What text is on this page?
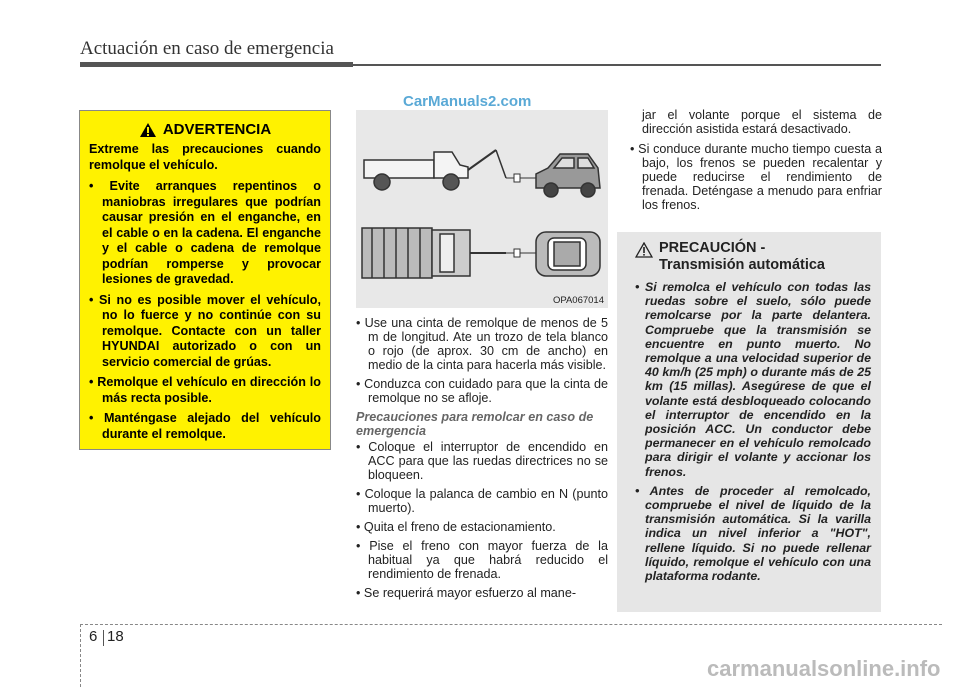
Actuación en caso de emergencia
CarManuals2.com
ADVERTENCIA

Extreme las precauciones cuando remolque el vehículo.

• Evite arranques repentinos o maniobras irregulares que podrían causar presión en el enganche, en el cable o en la cadena. El enganche y el cable o cadena de remolque podrían romperse y provocar lesiones de gravedad.
• Si no es posible mover el vehículo, no lo fuerce y no continúe con su remolque. Contacte con un taller HYUNDAI autorizado o con un servicio comercial de grúas.
• Remolque el vehículo en dirección lo más recta posible.
• Manténgase alejado del vehículo durante el remolque.
OPA067014
• Use una cinta de remolque de menos de 5 m de longitud. Ate un trozo de tela blanco o rojo (de aprox. 30 cm de ancho) en medio de la cinta para hacerla más visible.
• Conduzca con cuidado para que la cinta de remolque no se afloje.
Precauciones para remolcar en caso de emergencia
• Coloque el interruptor de encendido en ACC para que las ruedas directrices no se bloqueen.
• Coloque la palanca de cambio en N (punto muerto).
• Quita el freno de estacionamiento.
• Pise el freno con mayor fuerza de la habitual ya que habrá reducido el rendimiento de frenada.
• Se requerirá mayor esfuerzo al mane-

jar el volante porque el sistema de dirección asistida estará desactivado.

• Si conduce durante mucho tiempo cuesta a bajo, los frenos se pueden recalentar y puede reducirse el rendimiento de frenada. Deténgase a menudo para enfriar los frenos.
PRECAUCIÓN -
Transmisión automática
• Si remolca el vehículo con todas las ruedas sobre el suelo, sólo puede remolcarse por la parte delantera. Compruebe que la transmisión se encuentre en punto muerto. No remolque a una velocidad superior de 40 km/h (25 mph) o durante más de 25 km (15 millas). Asegúrese de que el volante está desbloqueado colocando el interruptor de encendido en la posición ACC. Un conductor debe permanecer en el vehículo remolcado para dirigir el volante y accionar los frenos.
• Antes de proceder al remolcado, compruebe el nivel de líquido de la transmisión automática. Si la varilla indica un nivel inferior a "HOT", rellene líquido. Si no puede rellenar líquido, remolque el vehículo con una plataforma rodante.
6 18
carmanualsonline.info
